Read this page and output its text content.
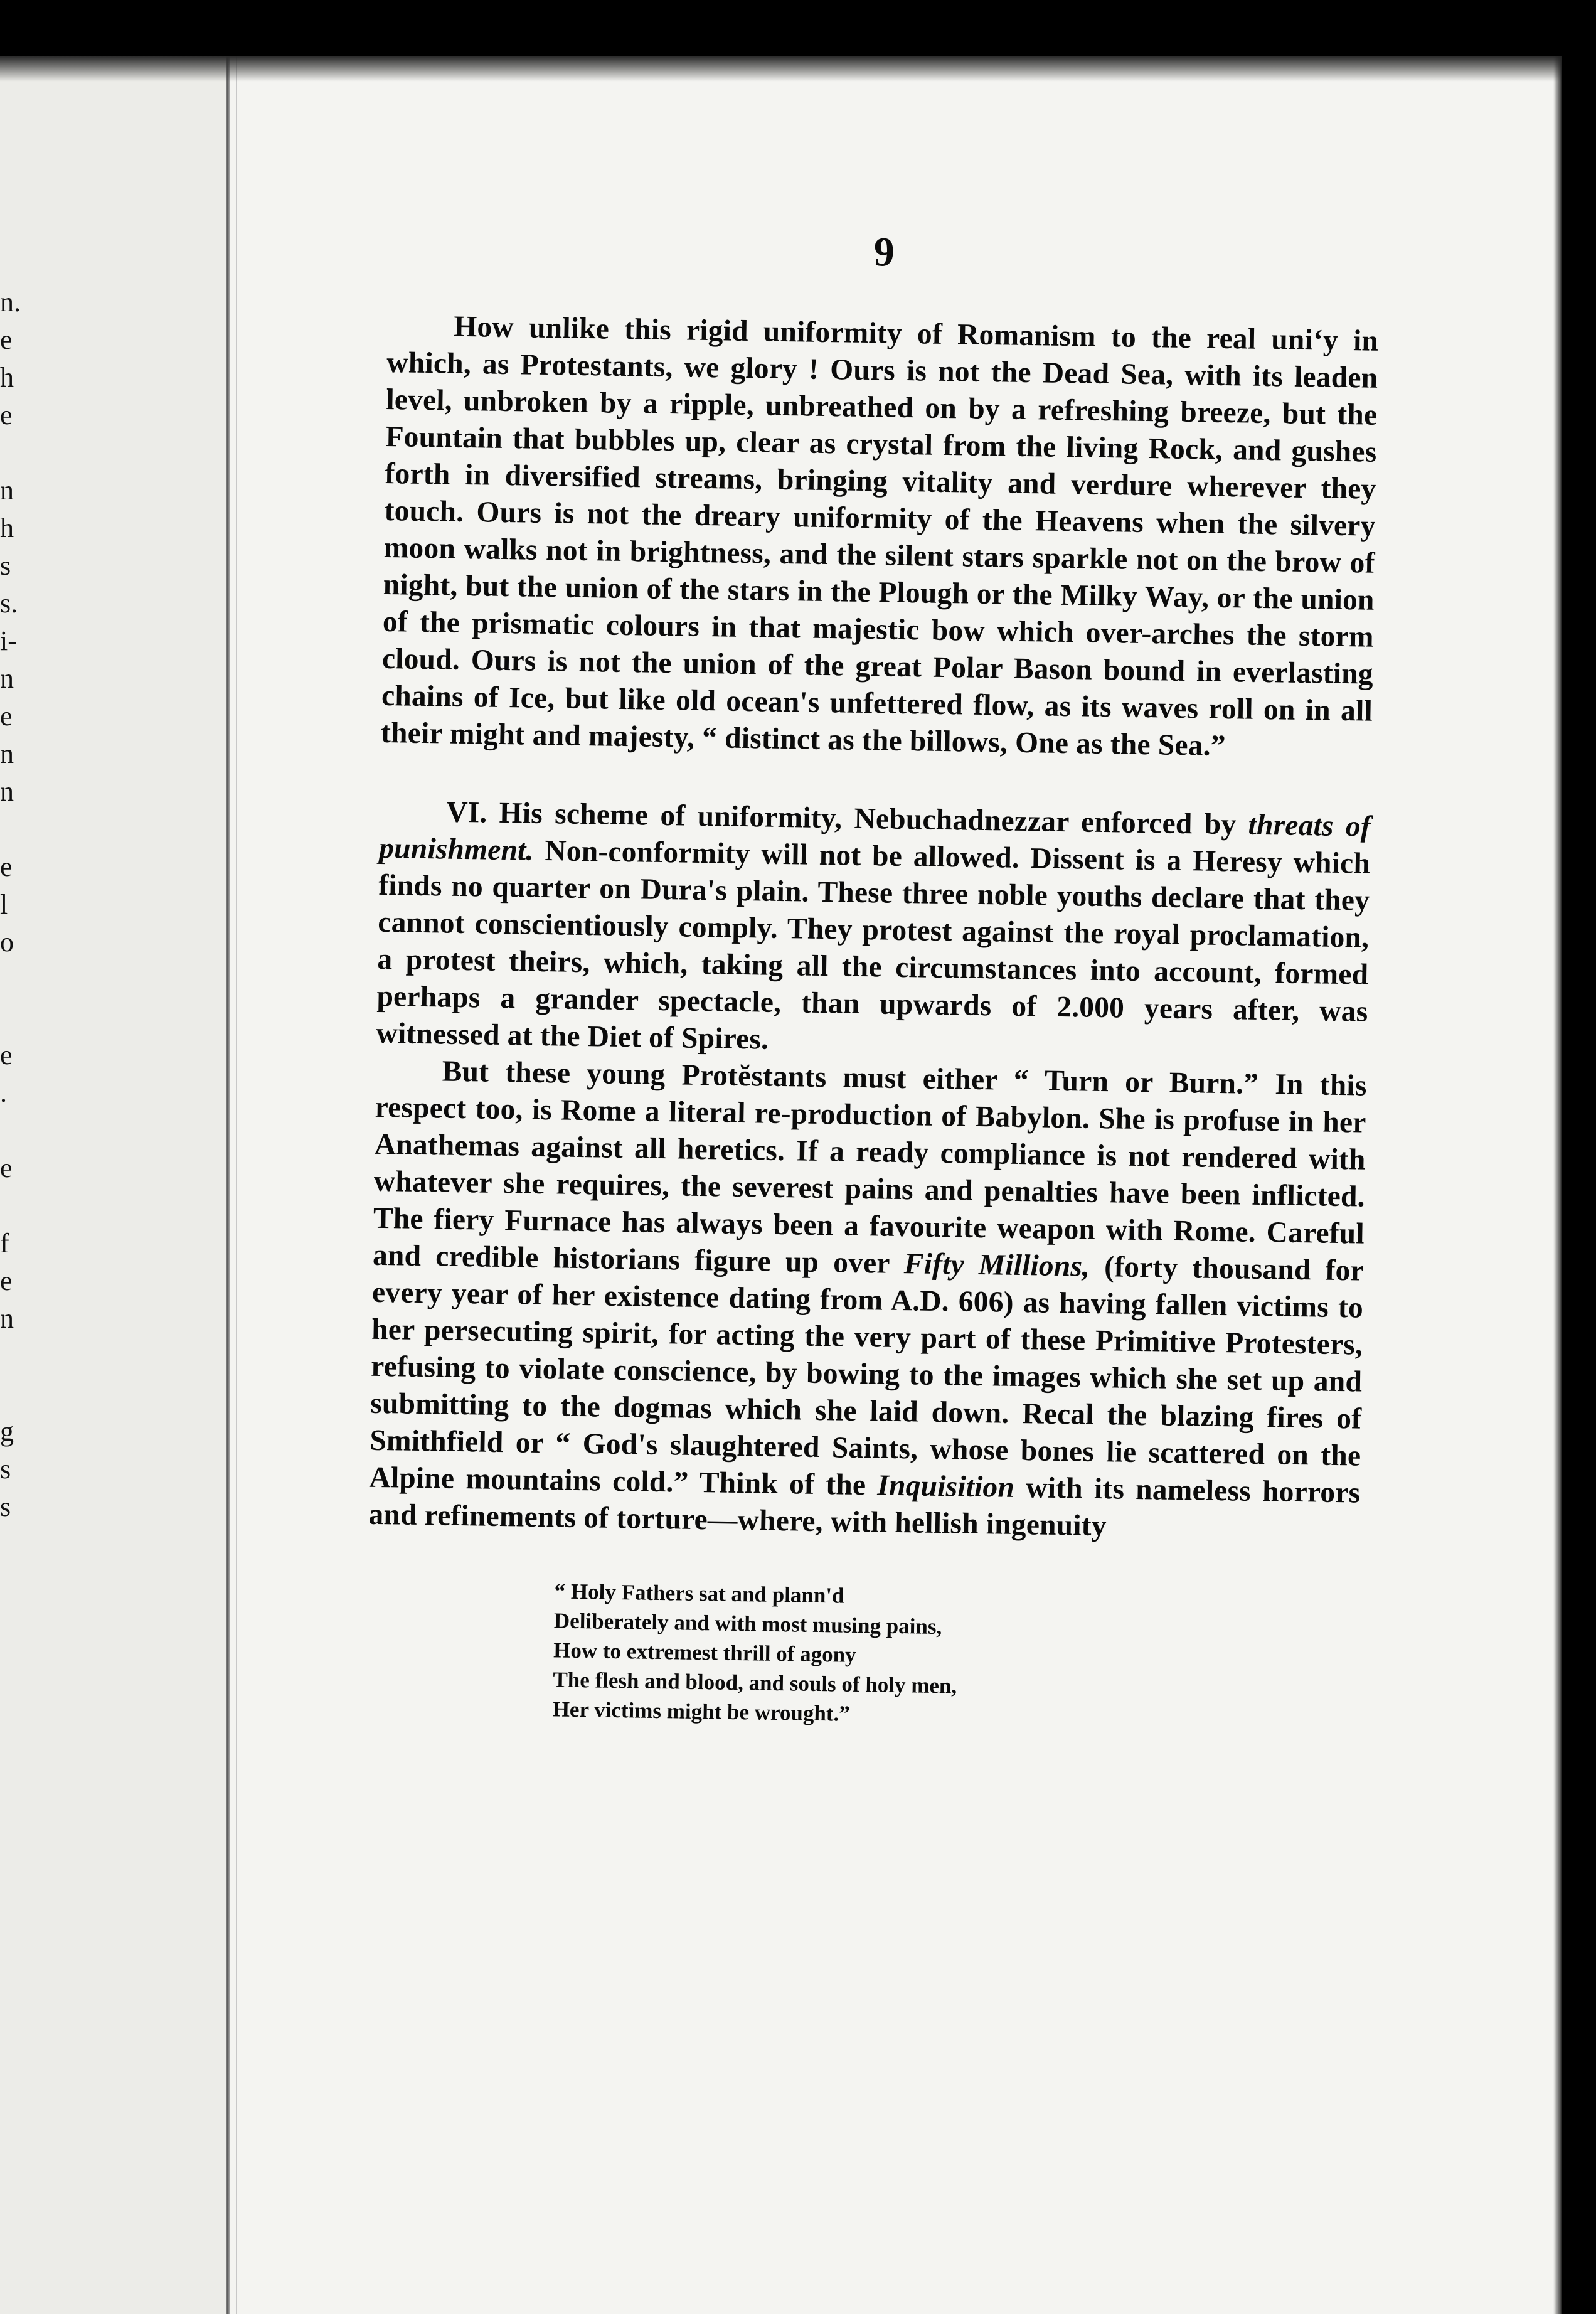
n.
e
h
e
n
h
s
s.
i-
n
e
n
n
e
l
o
e
.
e
f
e
n
g
s
s
9

How unlike this rigid uniformity of Romanism to the real uniʻy in which, as Protestants, we glory ! Ours is not the Dead Sea, with its leaden level, unbroken by a ripple, unbreathed on by a refreshing breeze, but the Fountain that bubbles up, clear as crystal from the living Rock, and gushes forth in diversified streams, bringing vitality and verdure wherever they touch. Ours is not the dreary uniformity of the Heavens when the silvery moon walks not in brightness, and the silent stars sparkle not on the brow of night, but the union of the stars in the Plough or the Milky Way, or the union of the prismatic colours in that majestic bow which over-arches the storm cloud. Ours is not the union of the great Polar Bason bound in everlasting chains of Ice, but like old ocean's unfettered flow, as its waves roll on in all their might and majesty, “ distinct as the billows, One as the Sea.”

VI. His scheme of uniformity, Nebuchadnezzar enforced by threats of punishment. Non-conformity will not be allowed. Dissent is a Heresy which finds no quarter on Dura's plain. These three noble youths declare that they cannot conscientiously comply. They protest against the royal proclamation, a protest theirs, which, taking all the circumstances into account, formed perhaps a grander spectacle, than upwards of 2.000 years after, was witnessed at the Diet of Spires.

But these young Protĕstants must either “ Turn or Burn.” In this respect too, is Rome a literal re-production of Babylon. She is profuse in her Anathemas against all heretics. If a ready compliance is not rendered with whatever she requires, the severest pains and penalties have been inflicted. The fiery Furnace has always been a favourite weapon with Rome. Careful and credible historians figure up over Fifty Millions, (forty thousand for every year of her existence dating from A.D. 606) as having fallen victims to her persecuting spirit, for acting the very part of these Primitive Protesters, refusing to violate conscience, by bowing to the images which she set up and submitting to the dogmas which she laid down. Recal the blazing fires of Smithfield or “ God's slaughtered Saints, whose bones lie scattered on the Alpine mountains cold.” Think of the Inquisition with its nameless horrors and refinements of torture—where, with hellish ingenuity

“ Holy Fathers sat and plann'd
Deliberately and with most musing pains,
How to extremest thrill of agony
The flesh and blood, and souls of holy men,
Her victims might be wrought.”
